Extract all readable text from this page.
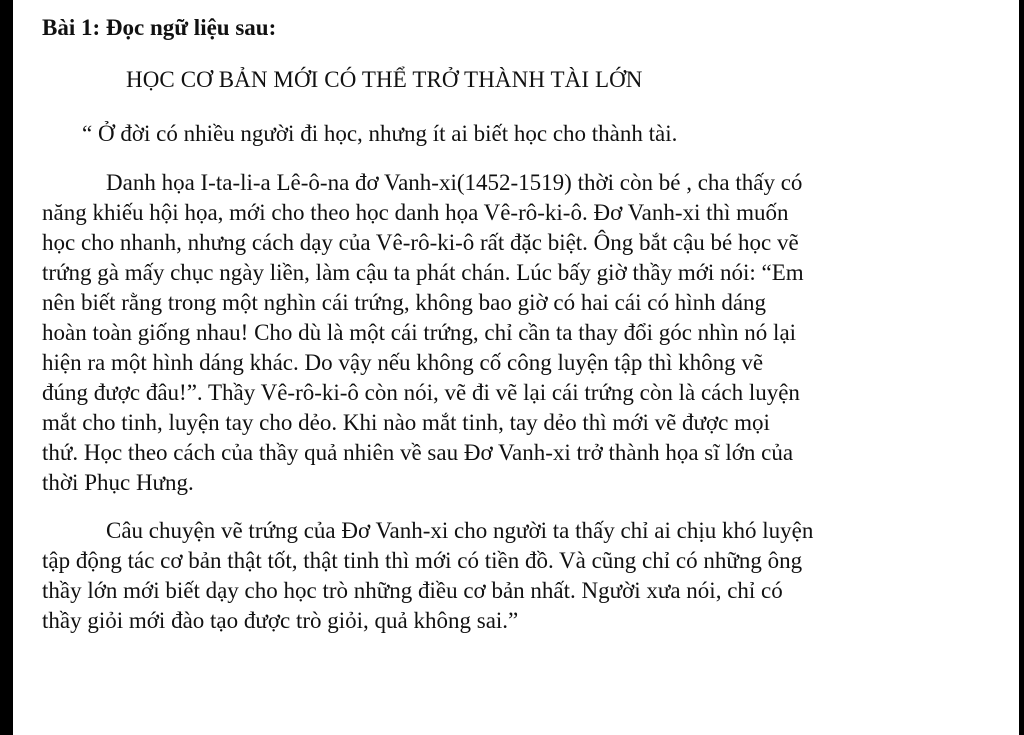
Bài 1: Đọc ngữ liệu sau:

HỌC CƠ BẢN MỚI CÓ THỂ TRỞ THÀNH TÀI LỚN

“ Ở đời có nhiều người đi học, nhưng ít ai biết học cho thành tài.

Danh họa I-ta-li-a Lê-ô-na đơ Vanh-xi(1452-1519) thời còn bé , cha thấy có
năng khiếu hội họa, mới cho theo học danh họa Vê-rô-ki-ô. Đơ Vanh-xi thì muốn
học cho nhanh, nhưng cách dạy của Vê-rô-ki-ô rất đặc biệt. Ông bắt cậu bé học vẽ
trứng gà mấy chục ngày liền, làm cậu ta phát chán. Lúc bấy giờ thầy mới nói: “Em
nên biết rằng trong một nghìn cái trứng, không bao giờ có hai cái có hình dáng
hoàn toàn giống nhau! Cho dù là một cái trứng, chỉ cần ta thay đổi góc nhìn nó lại
hiện ra một hình dáng khác. Do vậy nếu không cố công luyện tập thì không vẽ
đúng được đâu!”. Thầy Vê-rô-ki-ô còn nói, vẽ đi vẽ lại cái trứng còn là cách luyện
mắt cho tinh, luyện tay cho dẻo. Khi nào mắt tinh, tay dẻo thì mới vẽ được mọi
thứ. Học theo cách của thầy quả nhiên về sau Đơ Vanh-xi trở thành họa sĩ lớn của
thời Phục Hưng.

Câu chuyện vẽ trứng của Đơ Vanh-xi cho người ta thấy chỉ ai chịu khó luyện
tập động tác cơ bản thật tốt, thật tinh thì mới có tiền đồ. Và cũng chỉ có những ông
thầy lớn mới biết dạy cho học trò những điều cơ bản nhất. Người xưa nói, chỉ có
thầy giỏi mới đào tạo được trò giỏi, quả không sai.”
